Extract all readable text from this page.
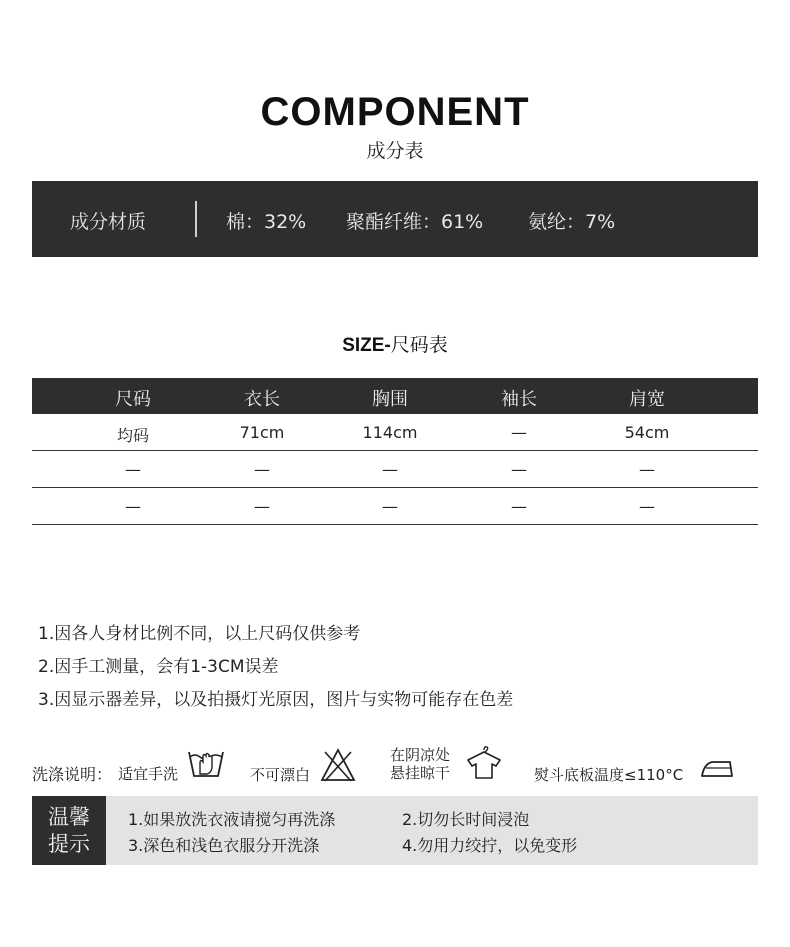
COMPONENT
成分表
成分材质	棉：32% 聚酯纤维：61% 氨纶：7%
SIZE-尺码表
尺码	衣长	胸围	袖长	肩宽
均码	71cm	114cm	—	54cm
—	—	—	—	—
—	—	—	—	—
1.因各人身材比例不同，以上尺码仅供参考
2.因手工测量，会有1-3CM误差
3.因显示器差异，以及拍摄灯光原因，图片与实物可能存在色差
洗涤说明： 适宜手洗	不可漂白
在阴凉处
悬挂晾干	熨斗底板温度≤110°C
温馨
提示
1.如果放洗衣液请搅匀再洗涤	2.切勿长时间浸泡
3.深色和浅色衣服分开洗涤	4.勿用力绞拧，以免变形
